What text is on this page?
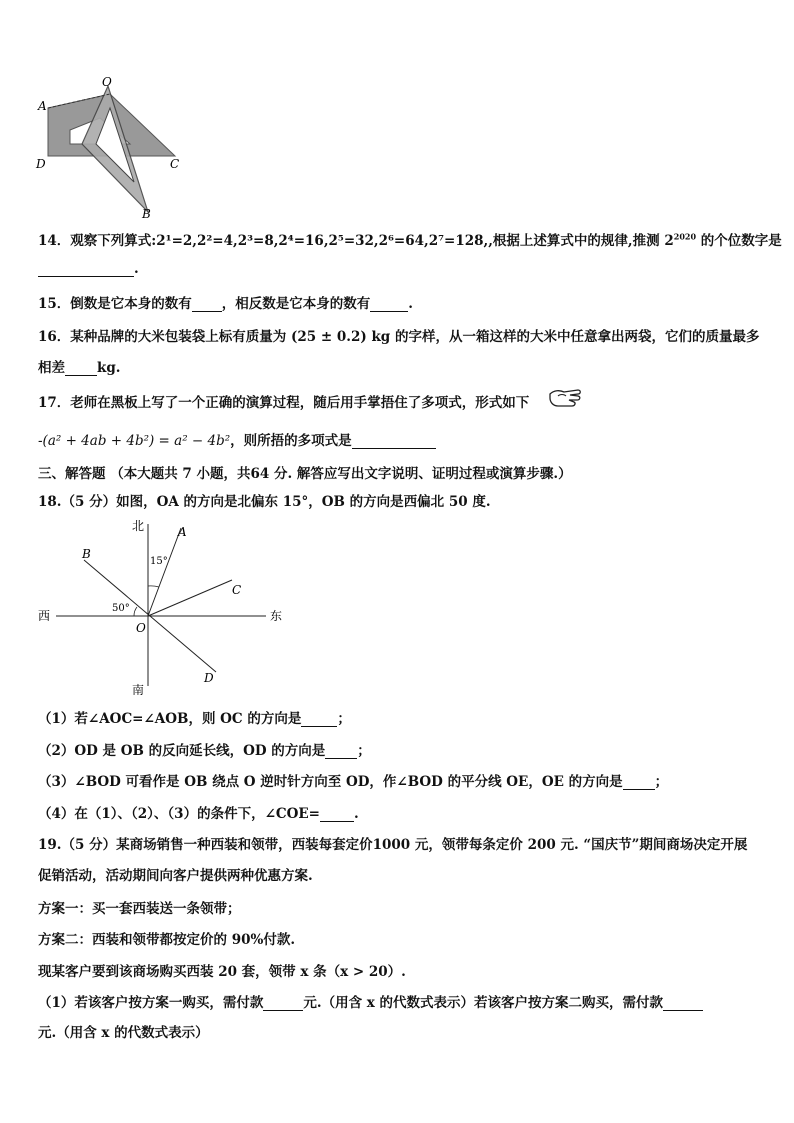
O
A
D	C
B
14．观察下列算式:2¹=2,2²=4,2³=8,2⁴=16,2⁵=32,2⁶=64,2⁷=128,,根据上述算式中的规律,推测 $2^{2020}$ 的个位数字是
.
15．倒数是它本身的数有 ，相反数是它本身的数有	.
16．某种品牌的大米包装袋上标有质量为 (25 ± 0.2) kg 的字样，从一箱这样的大米中任意拿出两袋，它们的质量最多
相差 kg.
17．老师在黑板上写了一个正确的演算过程，随后用手掌捂住了多项式，形式如下
-(a² + 4ab + 4b²) = a² − 4b²，则所捂的多项式是
三、解答题 （本大题共 7 小题，共64 分. 解答应写出文字说明、证明过程或演算步骤.）
18.（5 分）如图，OA 的方向是北偏东 15°，OB 的方向是西偏北 50 度.
北
南
西	东
A
B
C
D
O
15°
50°
（1）若∠AOC=∠AOB，则 OC 的方向是	；
（2）OD 是 OB 的反向延长线，OD 的方向是 ；
（3）∠BOD 可看作是 OB 绕点 O 逆时针方向至 OD，作∠BOD 的平分线 OE，OE 的方向是 ；
（4）在（1）、（2）、（3）的条件下，∠COE=	.
19.（5 分）某商场销售一种西装和领带，西装每套定价1000 元，领带每条定价 200 元. “国庆节”期间商场决定开展
促销活动，活动期间向客户提供两种优惠方案.
方案一：买一套西装送一条领带；
方案二：西装和领带都按定价的 90%付款.
现某客户要到该商场购买西装 20 套，领带 x 条（x > 20）.
（1）若该客户按方案一购买，需付款	元.（用含 x 的代数式表示）若该客户按方案二购买，需付款
元.（用含 x 的代数式表示）
